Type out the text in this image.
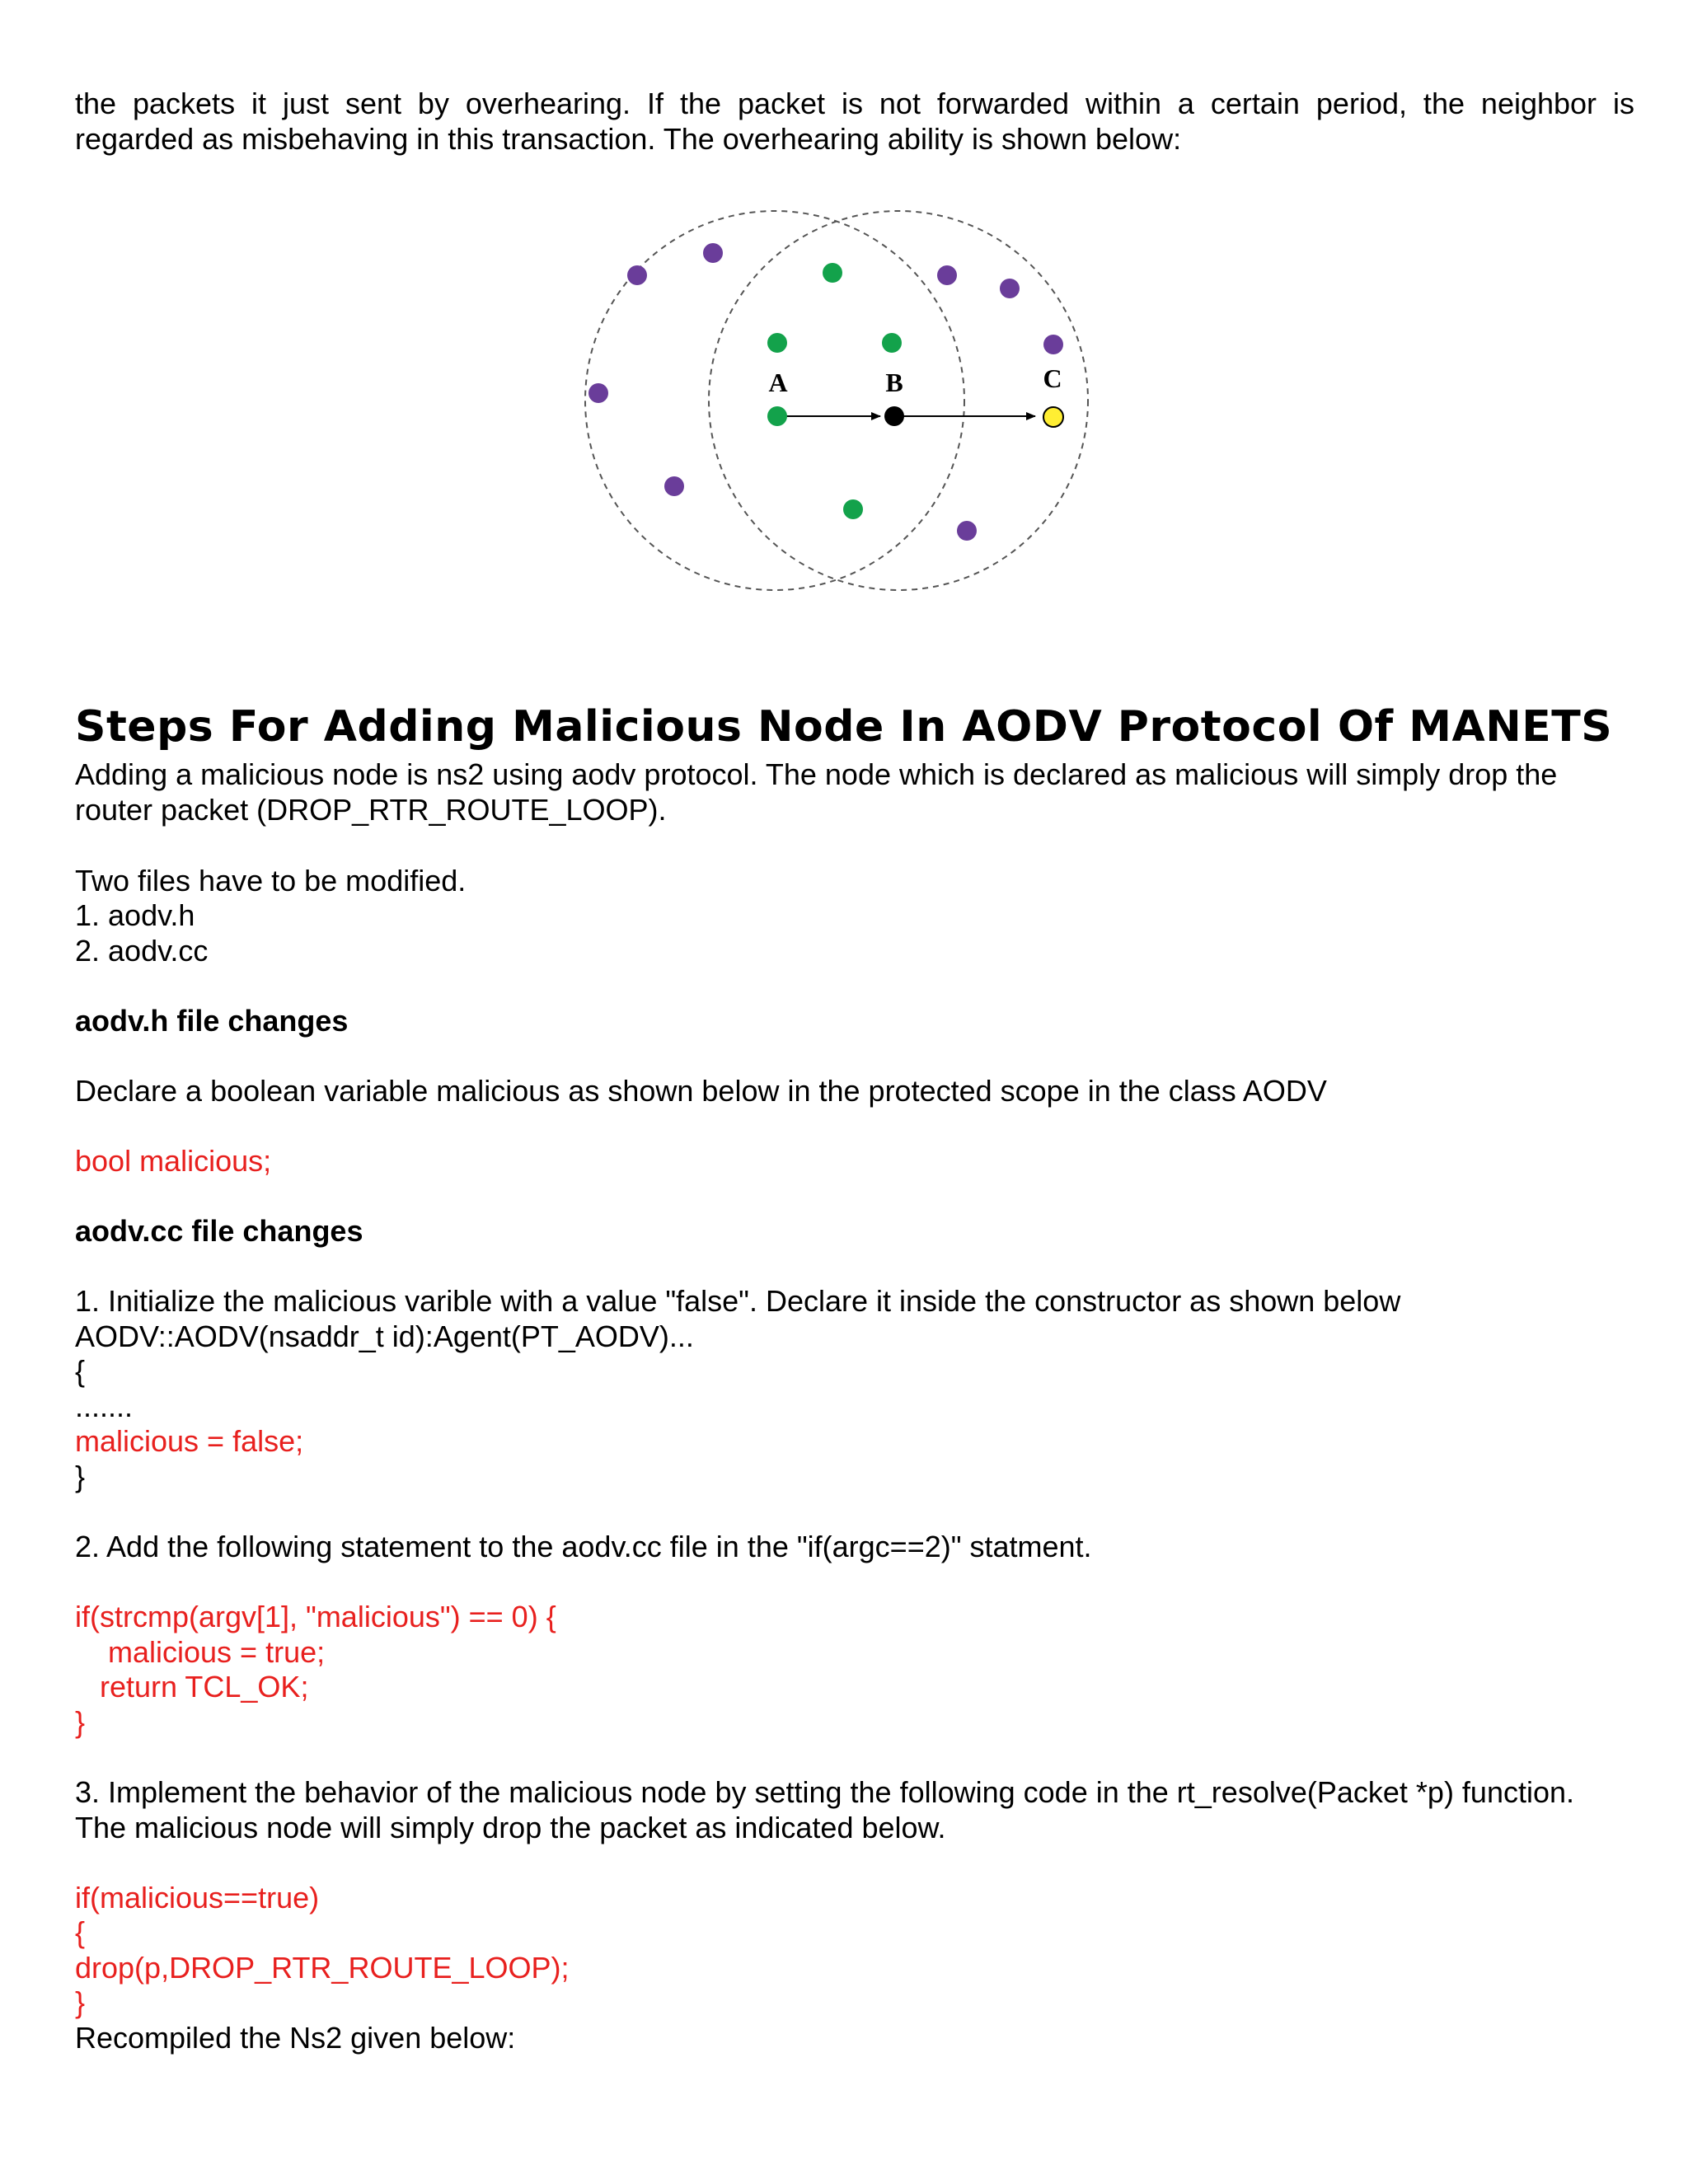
the packets it just sent by overhearing. If the packet is not forwarded within a certain period, the neighbor is

regarded as misbehaving in this transaction. The overhearing ability is shown below:

A	B	C
Steps For Adding Malicious Node In AODV Protocol Of MANETS

Adding a malicious node is ns2 using aodv protocol. The node which is declared as malicious will simply drop the

router packet (DROP_RTR_ROUTE_LOOP).

Two files have to be modified.

1. aodv.h

2. aodv.cc

aodv.h file changes

Declare a boolean variable malicious as shown below in the protected scope in the class AODV

bool malicious;

aodv.cc file changes

1. Initialize the malicious varible with a value "false". Declare it inside the constructor as shown below

AODV::AODV(nsaddr_t id):Agent(PT_AODV)...

{

.......

malicious = false;

}

2. Add the following statement to the aodv.cc file in the "if(argc==2)" statment.

if(strcmp(argv[1], "malicious") == 0) {

malicious = true;

return TCL_OK;

}

3. Implement the behavior of the malicious node by setting the following code in the rt_resolve(Packet *p) function.

The malicious node will simply drop the packet as indicated below.

if(malicious==true)

{

drop(p,DROP_RTR_ROUTE_LOOP);

}

Recompiled the Ns2 given below:
